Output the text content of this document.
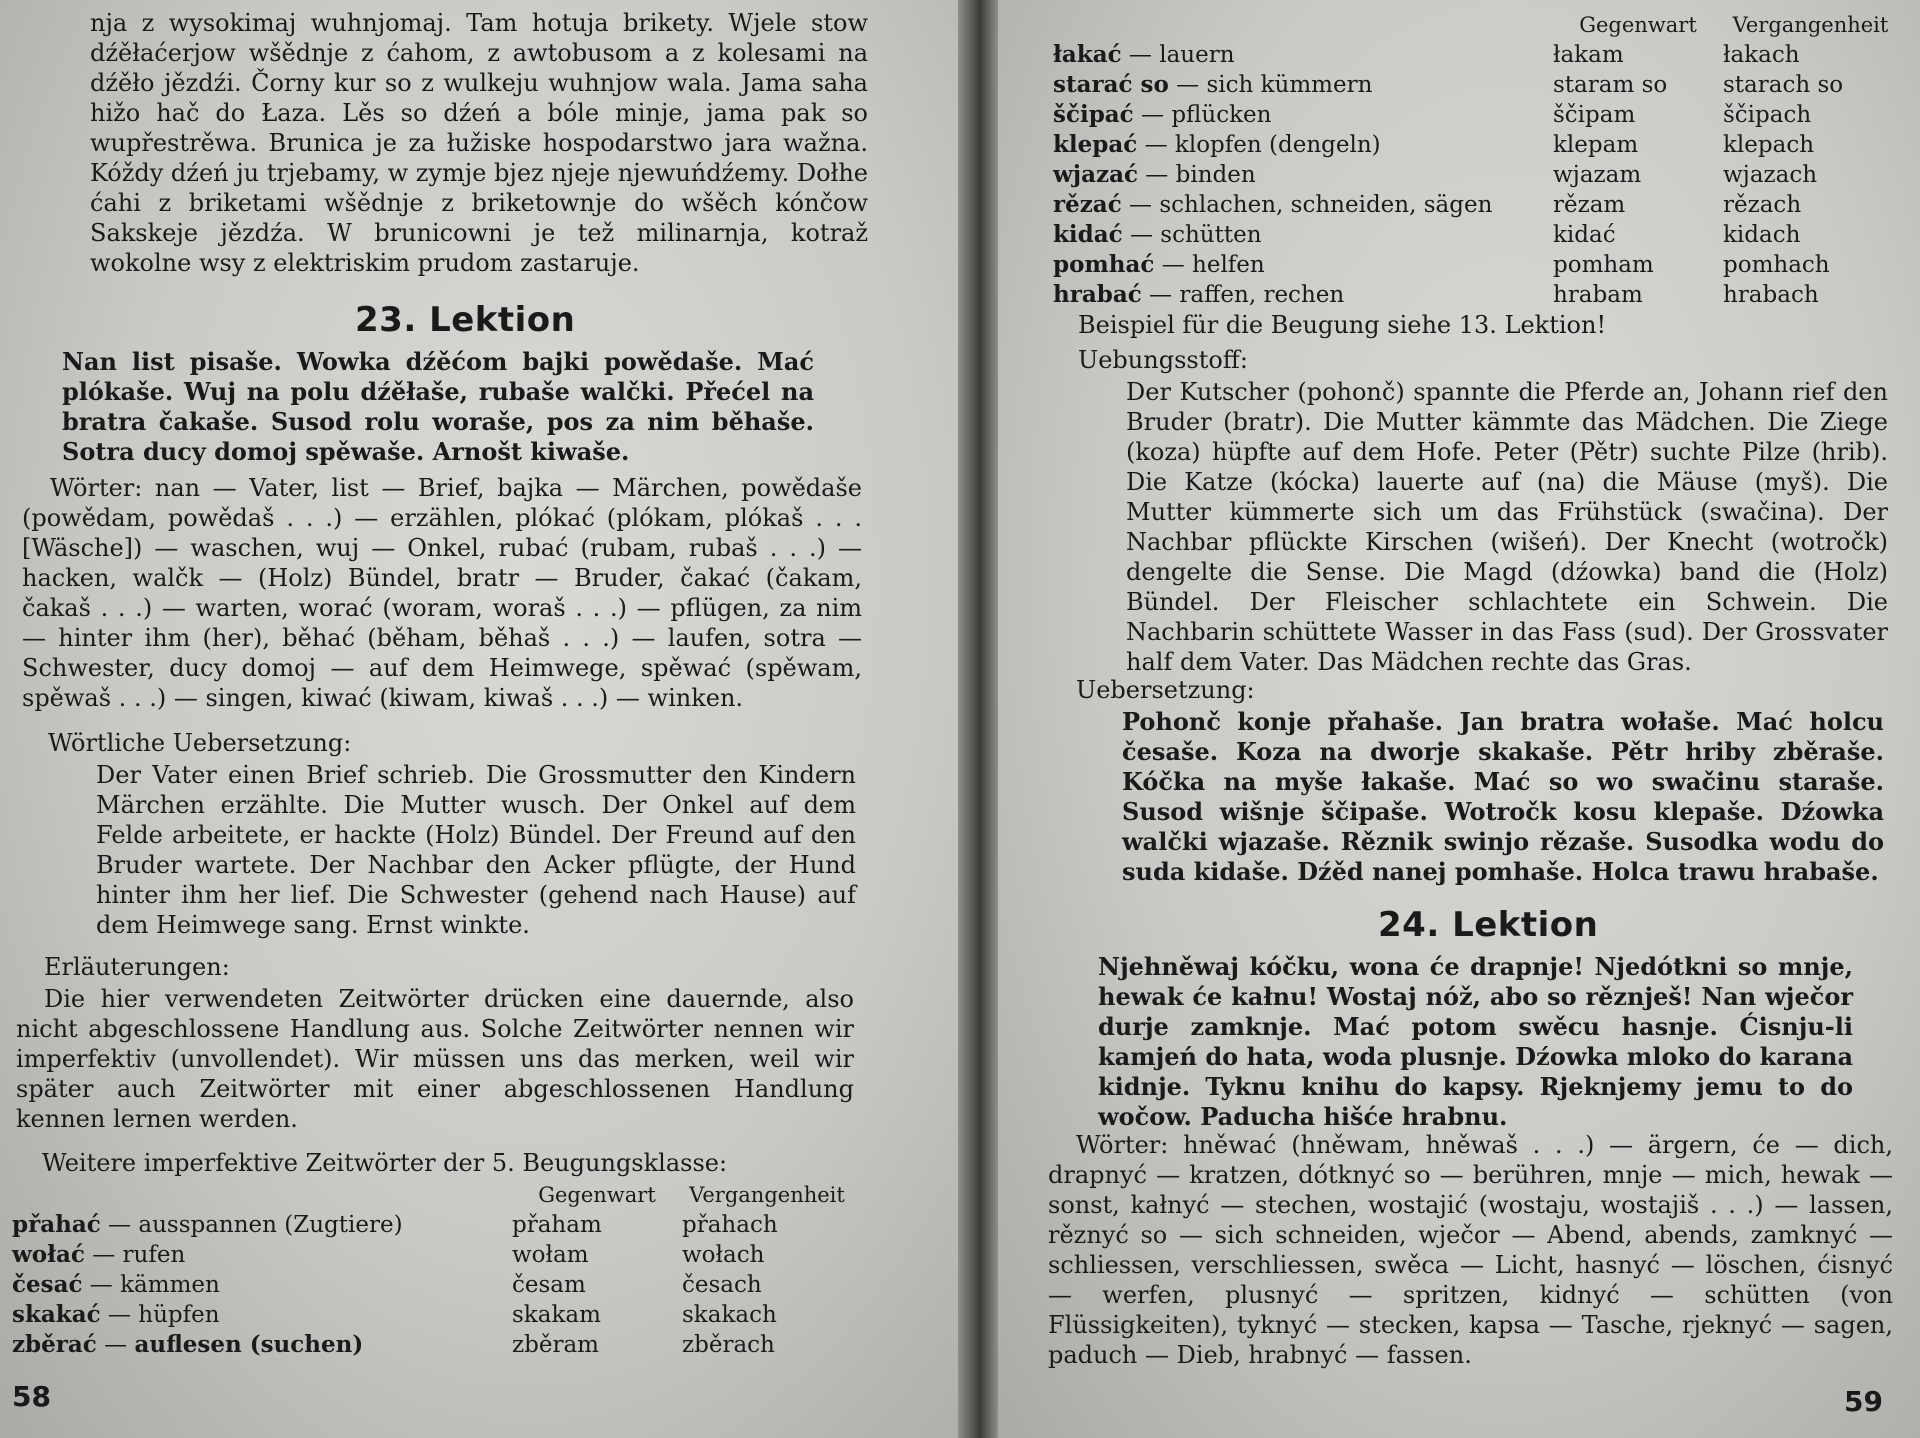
nja z wysokimaj wuhnjomaj. Tam hotuja brikety. Wjele stow dźěłaćerjow wšědnje z ćahom, z awtobusom a z kolesami na dźěło jězdźi. Čorny kur so z wulkeju wuhnjow wala. Jama saha hižo hač do Łaza. Lěs so dźeń a bóle minje, jama pak so wupřestrěwa. Brunica je za łužiske hospodarstwo jara wažna. Kóždy dźeń ju trjebamy, w zymje bjez njeje njewuńdźemy. Dołhe ćahi z briketami wšědnje z briketownje do wšěch kónčow Sakskeje jězdźa. W brunicowni je tež milinarnja, kotraž wokolne wsy z elektriskim prudom zastaruje.

23. Lektion

Nan list pisaše. Wowka dźěćom bajki powědaše. Mać plókaše. Wuj na polu dźěłaše, rubaše walčki. Přećel na bratra čakaše. Susod rolu woraše, pos za nim běhaše. Sotra ducy domoj spěwaše. Arnošt kiwaše.

Wörter: nan — Vater, list — Brief, bajka — Märchen, powědaše (powědam, powědaš . . .) — erzählen, plókać (plókam, plókaš . . . [Wäsche]) — waschen, wuj — Onkel, rubać (rubam, rubaš . . .) — hacken, walčk — (Holz) Bündel, bratr — Bruder, čakać (čakam, čakaš . . .) — warten, worać (woram, woraš . . .) — pflügen, za nim — hinter ihm (her), běhać (běham, běhaš . . .) — laufen, sotra — Schwester, ducy domoj — auf dem Heimwege, spěwać (spěwam, spěwaš . . .) — singen, kiwać (kiwam, kiwaš . . .) — winken.

Wörtliche Uebersetzung:

Der Vater einen Brief schrieb. Die Grossmutter den Kindern Märchen erzählte. Die Mutter wusch. Der Onkel auf dem Felde arbeitete, er hackte (Holz) Bündel. Der Freund auf den Bruder wartete. Der Nachbar den Acker pflügte, der Hund hinter ihm her lief. Die Schwester (gehend nach Hause) auf dem Heimwege sang. Ernst winkte.

Erläuterungen:

Die hier verwendeten Zeitwörter drücken eine dauernde, also nicht abgeschlossene Handlung aus. Solche Zeitwörter nennen wir imperfektiv (unvollendet). Wir müssen uns das merken, weil wir später auch Zeitwörter mit einer abgeschlossenen Handlung kennen lernen werden.

Weitere imperfektive Zeitwörter der 5. Beugungsklasse:
	Gegenwart	Vergangenheit
přahać — ausspannen (Zugtiere)	přaham	přahach
wołać — rufen	wołam	wołach
česać — kämmen	česam	česach
skakać — hüpfen	skakam	skakach
zběrać — auflesen (suchen)	zběram	zběrach
58
	Gegenwart	Vergangenheit
łakać — lauern	łakam	łakach
starać so — sich kümmern	staram so	starach so
ščipać — pflücken	ščipam	ščipach
klepać — klopfen (dengeln)	klepam	klepach
wjazać — binden	wjazam	wjazach
rězać — schlachen, schneiden, sägen	rězam	rězach
kidać — schütten	kidać	kidach
pomhać — helfen	pomham	pomhach
hrabać — raffen, rechen	hrabam	hrabach
Beispiel für die Beugung siehe 13. Lektion!
Uebungsstoff:

Der Kutscher (pohonč) spannte die Pferde an, Johann rief den Bruder (bratr). Die Mutter kämmte das Mädchen. Die Ziege (koza) hüpfte auf dem Hofe. Peter (Pětr) suchte Pilze (hrib). Die Katze (kócka) lauerte auf (na) die Mäuse (myš). Die Mutter kümmerte sich um das Frühstück (swačina). Der Nachbar pflückte Kirschen (wišeń). Der Knecht (wotročk) dengelte die Sense. Die Magd (dźowka) band die (Holz) Bündel. Der Fleischer schlachtete ein Schwein. Die Nachbarin schüttete Wasser in das Fass (sud). Der Grossvater half dem Vater. Das Mädchen rechte das Gras.

Uebersetzung:

Pohonč konje přahaše. Jan bratra wołaše. Mać holcu česaše. Koza na dworje skakaše. Pětr hriby zběraše. Kóčka na myše łakaše. Mać so wo swačinu staraše. Susod wišnje ščipaše. Wotročk kosu klepaše. Dźowka walčki wjazaše. Rěznik swinjo rězaše. Susodka wodu do suda kidaše. Dźěd nanej pomhaše. Holca trawu hrabaše.

24. Lektion

Njehněwaj kóčku, wona će drapnje! Njedótkni so mnje, hewak će kałnu! Wostaj nóž, abo so rěznješ! Nan wječor durje zamknje. Mać potom swěcu hasnje. Ćisnju-li kamjeń do hata, woda plusnje. Dźowka mloko do karana kidnje. Tyknu knihu do kapsy. Rjeknjemy jemu to do wočow. Paducha hišće hrabnu.

Wörter: hněwać (hněwam, hněwaš . . .) — ärgern, će — dich, drapnyć — kratzen, dótknyć so — berühren, mnje — mich, hewak — sonst, kałnyć — stechen, wostajić (wostaju, wostajiš . . .) — lassen, rěznyć so — sich schneiden, wječor — Abend, abends, zamknyć — schliessen, verschliessen, swěca — Licht, hasnyć — löschen, ćisnyć — werfen, plusnyć — spritzen, kidnyć — schütten (von Flüssigkeiten), tyknyć — stecken, kapsa — Tasche, rjeknyć — sagen, paduch — Dieb, hrabnyć — fassen.

59
